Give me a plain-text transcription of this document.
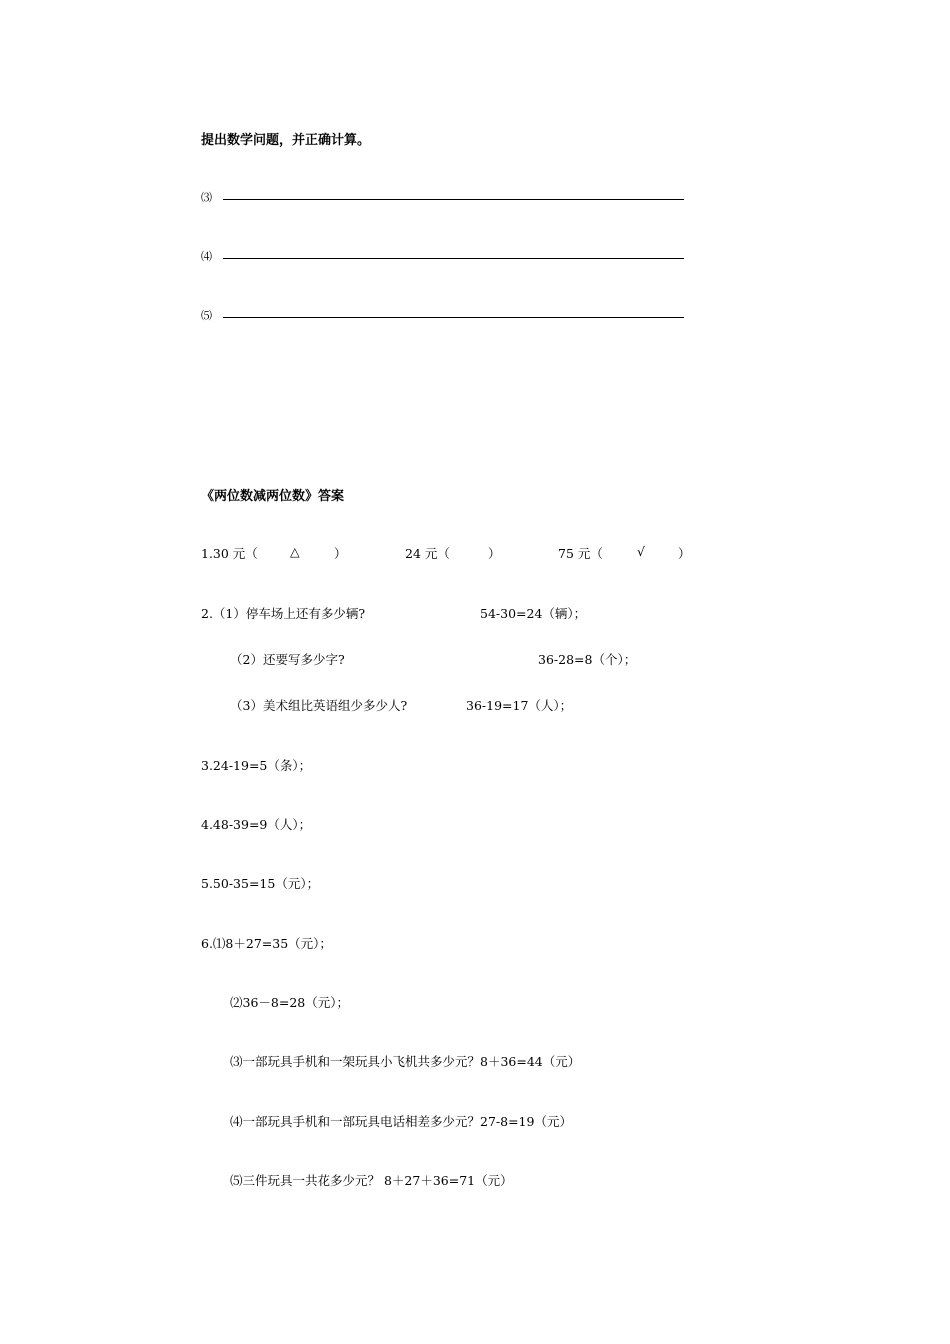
提出数学问题，并正确计算。
⑶
⑷
⑸
《两位数减两位数》答案
1.30 元（	△	）	24 元（	）	75 元（	√	）
2.（1）停车场上还有多少辆?	54-30=24（辆）；
（2）还要写多少字?	36-28=8（个）；
（3）美术组比英语组少多少人?	36-19=17（人）；
3.24-19=5（条）；
4.48-39=9（人）；
5.50-35=15（元）；
6.⑴8＋27=35（元）；
⑵36－8=28（元）；
⑶一部玩具手机和一架玩具小飞机共多少元？8＋36=44（元）
⑷一部玩具手机和一部玩具电话相差多少元？27-8=19（元）
⑸三件玩具一共花多少元？ 8＋27＋36=71（元）
